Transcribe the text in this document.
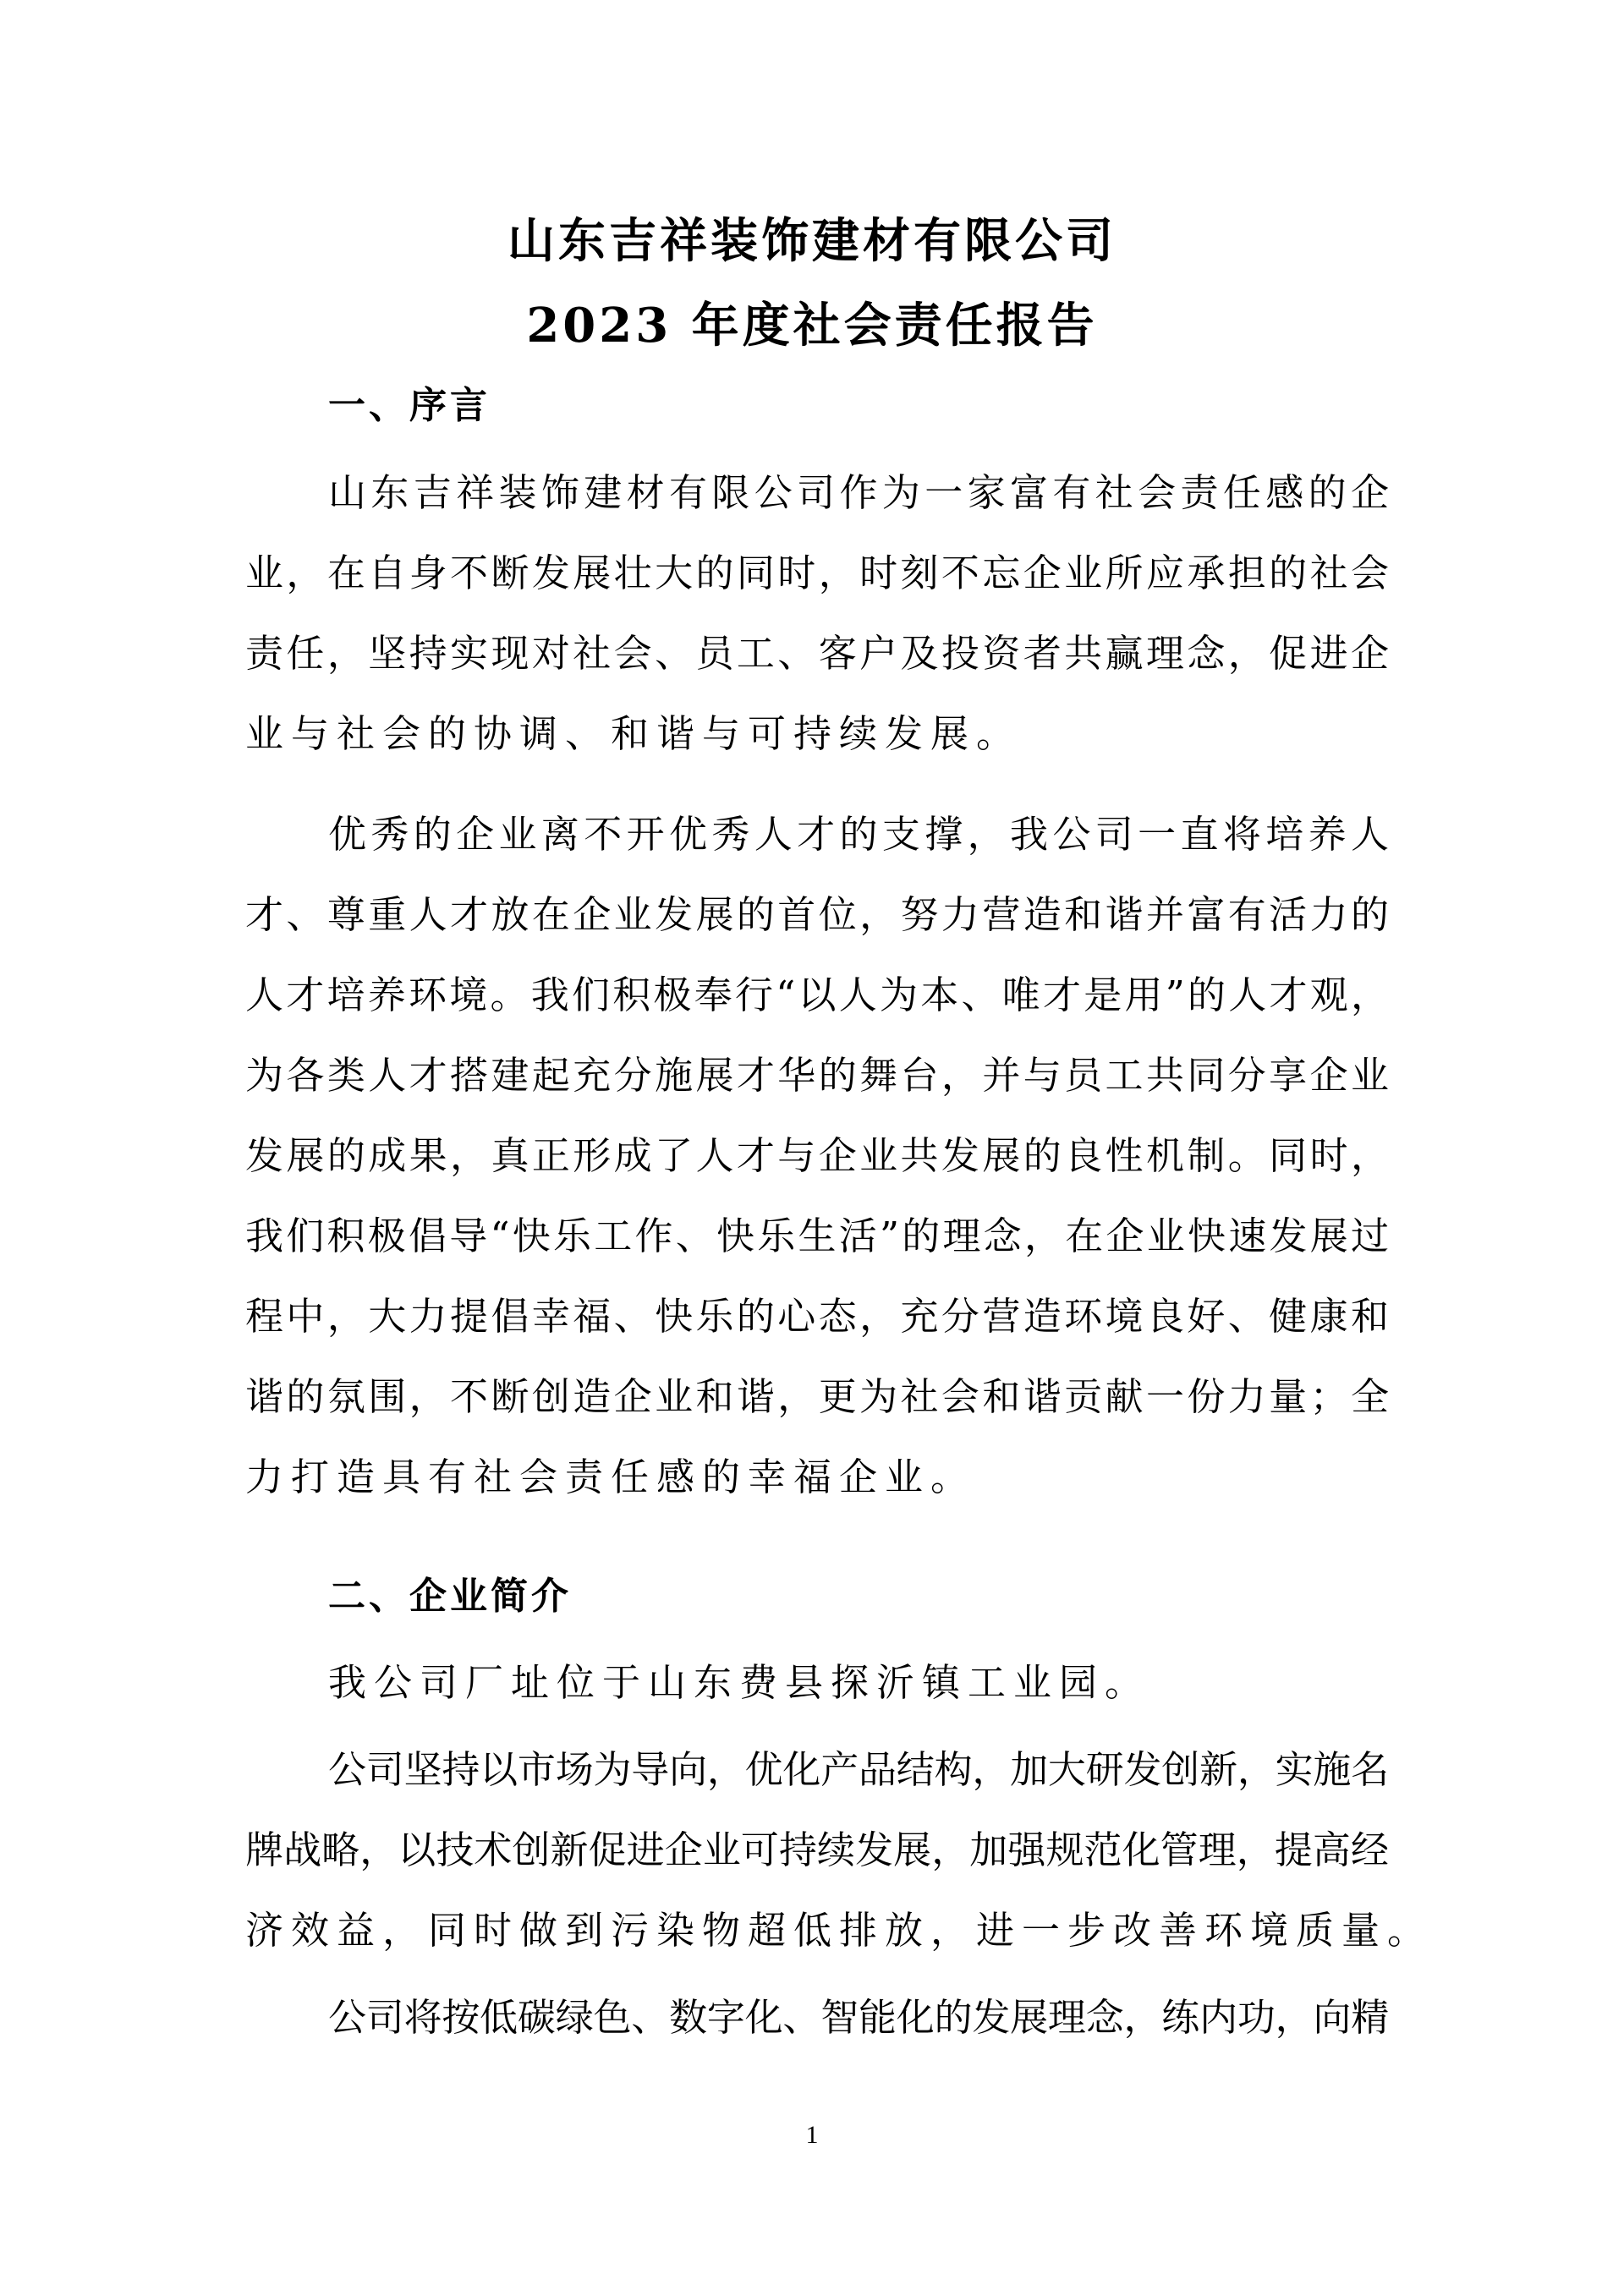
山东吉祥装饰建材有限公司
2023 年度社会责任报告
一、序言
山东吉祥装饰建材有限公司作为一家富有社会责任感的企
业，在自身不断发展壮大的同时，时刻不忘企业所应承担的社会
责任，坚持实现对社会、员工、客户及投资者共赢理念，促进企
业与社会的协调、和谐与可持续发展。
优秀的企业离不开优秀人才的支撑，我公司一直将培养人
才、尊重人才放在企业发展的首位，努力营造和谐并富有活力的
人才培养环境。我们积极奉行“以人为本、唯才是用”的人才观，
为各类人才搭建起充分施展才华的舞台，并与员工共同分享企业
发展的成果，真正形成了人才与企业共发展的良性机制。同时，
我们积极倡导“快乐工作、快乐生活”的理念，在企业快速发展过
程中，大力提倡幸福、快乐的心态，充分营造环境良好、健康和
谐的氛围，不断创造企业和谐，更为社会和谐贡献一份力量；全
力打造具有社会责任感的幸福企业。
二、企业简介
我公司厂址位于山东费县探沂镇工业园。
公司坚持以市场为导向，优化产品结构，加大研发创新，实施名
牌战略，以技术创新促进企业可持续发展，加强规范化管理，提高经
济效益，同时做到污染物超低排放，进一步改善环境质量。
公司将按低碳绿色、数字化、智能化的发展理念，练内功，向精
1
